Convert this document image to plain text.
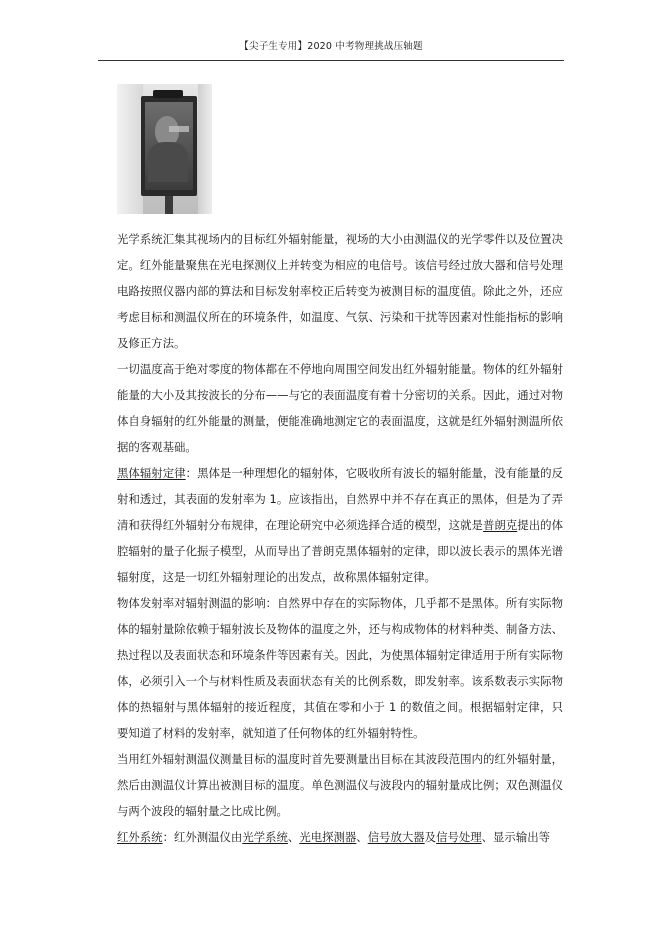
【尖子生专用】2020 中考物理挑战压轴题

光学系统汇集其视场内的目标红外辐射能量，视场的大小由测温仪的光学零件以及位置决定。红外能量聚焦在光电探测仪上并转变为相应的电信号。该信号经过放大器和信号处理电路按照仪器内部的算法和目标发射率校正后转变为被测目标的温度值。除此之外，还应考虑目标和测温仪所在的环境条件，如温度、气氛、污染和干扰等因素对性能指标的影响及修正方法。

一切温度高于绝对零度的物体都在不停地向周围空间发出红外辐射能量。物体的红外辐射能量的大小及其按波长的分布——与它的表面温度有着十分密切的关系。因此，通过对物体自身辐射的红外能量的测量，便能准确地测定它的表面温度，这就是红外辐射测温所依据的客观基础。

黑体辐射定律：黑体是一种理想化的辐射体，它吸收所有波长的辐射能量，没有能量的反射和透过，其表面的发射率为 1。应该指出，自然界中并不存在真正的黑体，但是为了弄清和获得红外辐射分布规律，在理论研究中必须选择合适的模型，这就是普朗克提出的体腔辐射的量子化振子模型，从而导出了普朗克黑体辐射的定律，即以波长表示的黑体光谱辐射度，这是一切红外辐射理论的出发点，故称黑体辐射定律。

物体发射率对辐射测温的影响：自然界中存在的实际物体，几乎都不是黑体。所有实际物体的辐射量除依赖于辐射波长及物体的温度之外，还与构成物体的材料种类、制备方法、热过程以及表面状态和环境条件等因素有关。因此，为使黑体辐射定律适用于所有实际物体，必须引入一个与材料性质及表面状态有关的比例系数，即发射率。该系数表示实际物体的热辐射与黑体辐射的接近程度，其值在零和小于 1 的数值之间。根据辐射定律，只要知道了材料的发射率，就知道了任何物体的红外辐射特性。

当用红外辐射测温仪测量目标的温度时首先要测量出目标在其波段范围内的红外辐射量，然后由测温仪计算出被测目标的温度。单色测温仪与波段内的辐射量成比例；双色测温仪与两个波段的辐射量之比成比例。

红外系统：红外测温仪由光学系统、光电探测器、信号放大器及信号处理、显示输出等
